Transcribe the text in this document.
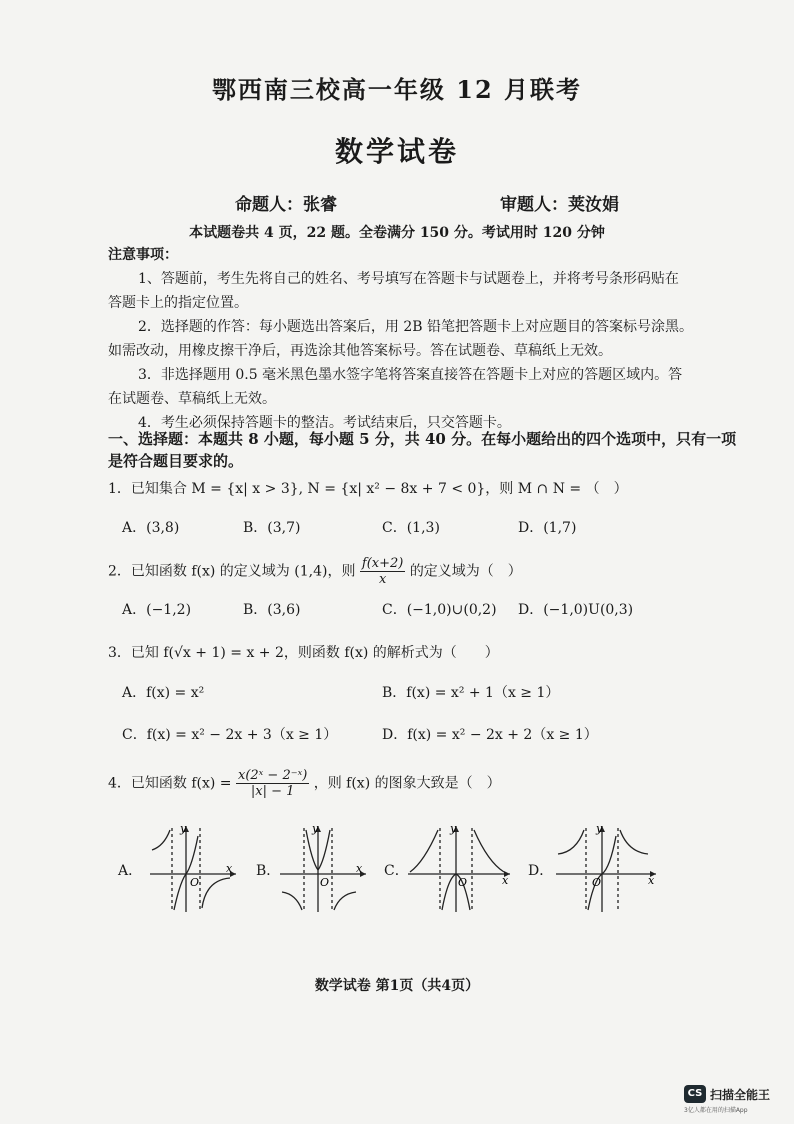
鄂西南三校高一年级 12 月联考
数学试卷
命题人：张睿	审题人：荚汝娟
本试题卷共 4 页，22 题。全卷满分 150 分。考试用时 120 分钟
注意事项：
1、答题前，考生先将自己的姓名、考号填写在答题卡与试题卷上，并将考号条形码贴在
答题卡上的指定位置。
2．选择题的作答：每小题选出答案后，用 2B 铅笔把答题卡上对应题目的答案标号涂黑。
如需改动，用橡皮擦干净后，再选涂其他答案标号。答在试题卷、草稿纸上无效。
3．非选择题用 0.5 毫米黑色墨水签字笔将答案直接答在答题卡上对应的答题区域内。答
在试题卷、草稿纸上无效。
4．考生必须保持答题卡的整洁。考试结束后，只交答题卡。
一、选择题：本题共 8 小题，每小题 5 分，共 40 分。在每小题给出的四个选项中，只有一项
是符合题目要求的。
1．已知集合 M = {x| x > 3}, N = {x| x² − 8x + 7 < 0}，则 M ∩ N = （　）
A．(3,8)	B．(3,7)	C．(1,3)	D．(1,7)
2．已知函数 f(x) 的定义域为 (1,4)，则 $\frac{f(x+2)}{x}$ 的定义域为（　）
A．(−1,2)	B．(3,6)	C．(−1,0)∪(0,2) D．(−1,0)U(0,3)
3．已知 f(√x + 1) = x + 2，则函数 f(x) 的解析式为（　　）
A．f(x) = x²	B．f(x) = x² + 1（x ≥ 1）
C．f(x) = x² − 2x + 3（x ≥ 1）	D．f(x) = x² − 2x + 2（x ≥ 1）
4．已知函数 $f(x) = \frac{\text{x(2ˣ − 2⁻ˣ)}}{|x| - 1}$ ，则 f(x) 的图象大致是（　）
A．	B．	C．	D．
y
x
O
y
x
O
y
x
O
y
x
O
数学试卷 第1页（共4页）
CS 扫描全能王
3亿人都在用的扫描App
